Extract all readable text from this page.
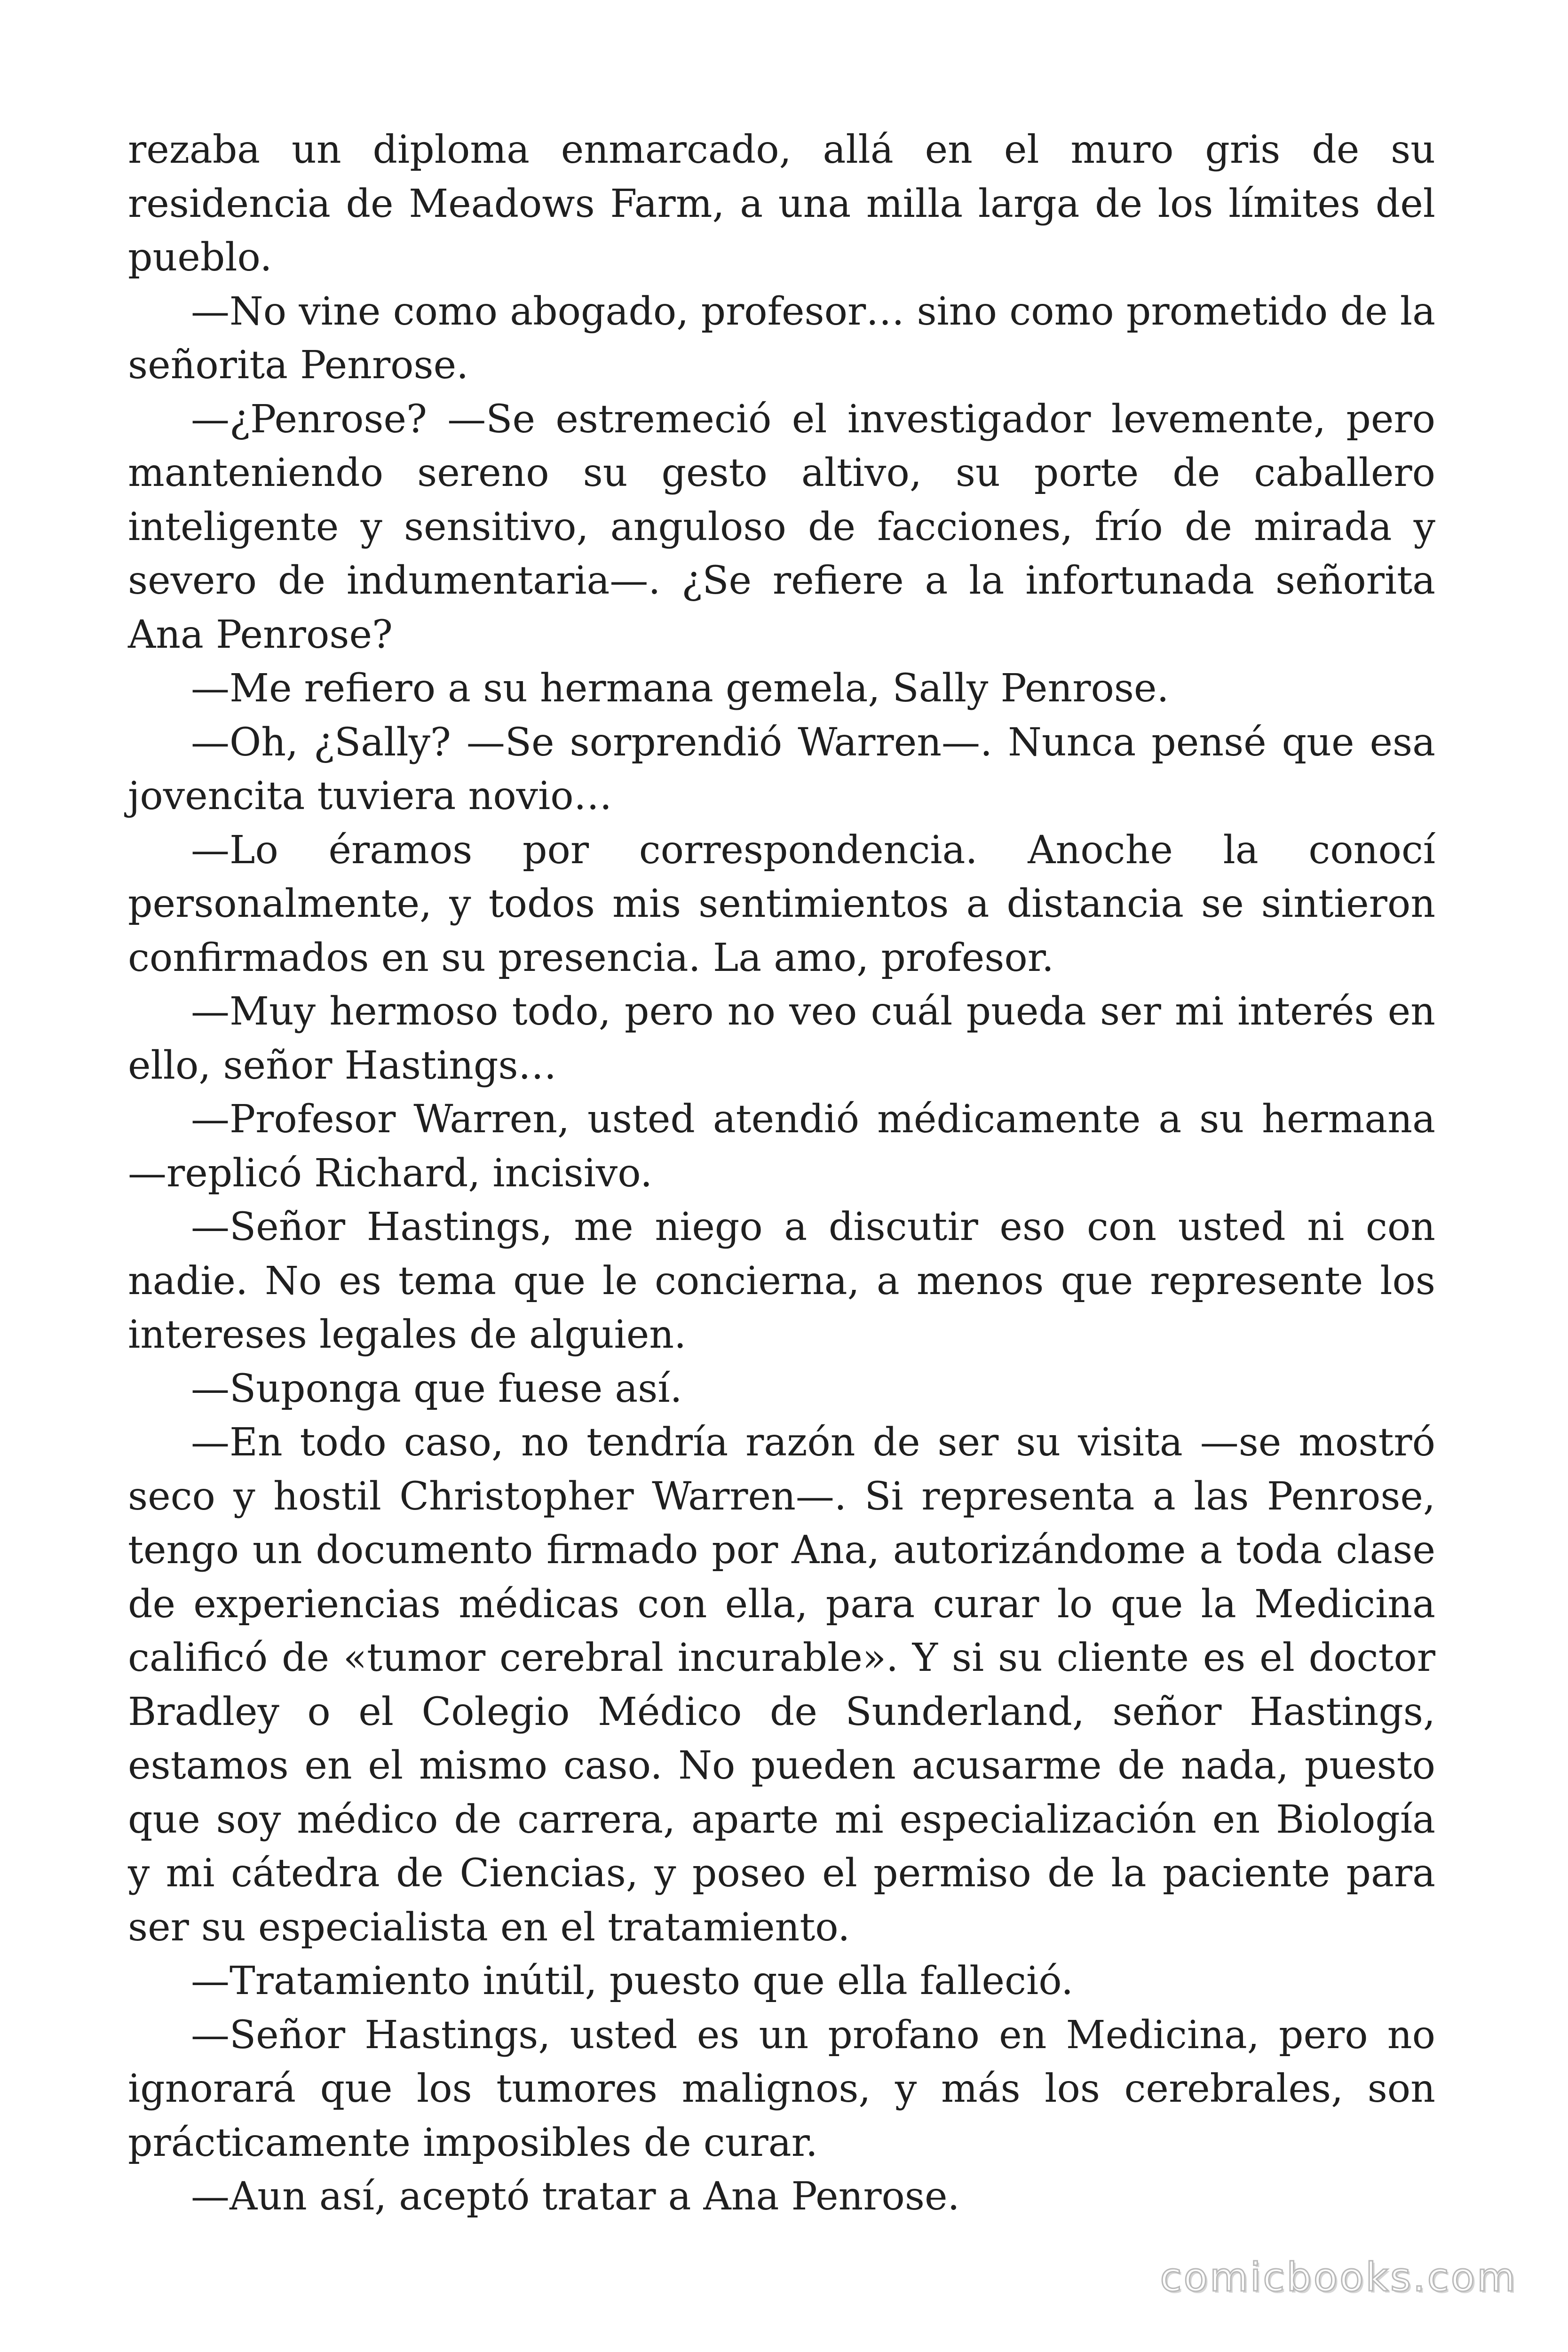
rezaba un diploma enmarcado, allá en el muro gris de su residencia de Meadows Farm, a una milla larga de los límites del pueblo.

—No vine como abogado, profesor… sino como prometido de la señorita Penrose.

—¿Penrose? —Se estremeció el investigador levemente, pero manteniendo sereno su gesto altivo, su porte de caballero inteligente y sensitivo, anguloso de facciones, frío de mirada y severo de indumentaria—. ¿Se refiere a la infortunada señorita Ana Penrose?

—Me refiero a su hermana gemela, Sally Penrose.

—Oh, ¿Sally? —Se sorprendió Warren—. Nunca pensé que esa jovencita tuviera novio…

—Lo éramos por correspondencia. Anoche la conocí personalmente, y todos mis sentimientos a distancia se sintieron confirmados en su presencia. La amo, profesor.

—Muy hermoso todo, pero no veo cuál pueda ser mi interés en ello, señor Hastings…

—Profesor Warren, usted atendió médicamente a su hermana —replicó Richard, incisivo.

—Señor Hastings, me niego a discutir eso con usted ni con nadie. No es tema que le concierna, a menos que represente los intereses legales de alguien.

—Suponga que fuese así.

—En todo caso, no tendría razón de ser su visita —se mostró seco y hostil Christopher Warren—. Si representa a las Penrose, tengo un documento firmado por Ana, autorizándome a toda clase de experiencias médicas con ella, para curar lo que la Medicina calificó de «tumor cerebral incurable». Y si su cliente es el doctor Bradley o el Colegio Médico de Sunderland, señor Hastings, estamos en el mismo caso. No pueden acusarme de nada, puesto que soy médico de carrera, aparte mi especialización en Biología y mi cátedra de Ciencias, y poseo el permiso de la paciente para ser su especialista en el tratamiento.

—Tratamiento inútil, puesto que ella falleció.

—Señor Hastings, usted es un profano en Medicina, pero no ignorará que los tumores malignos, y más los cerebrales, son prácticamente imposibles de curar.

—Aun así, aceptó tratar a Ana Penrose.

comicbooks.com
